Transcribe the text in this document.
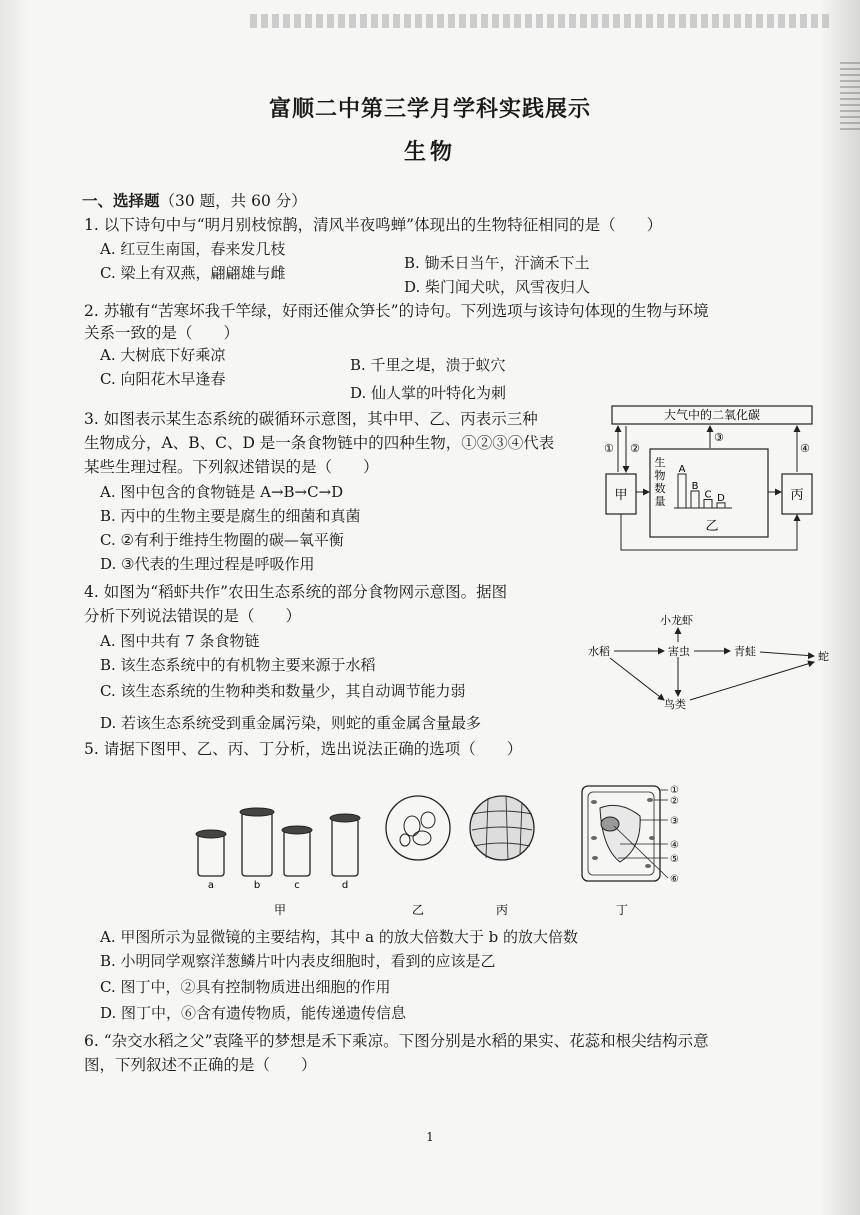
富顺二中第三学月学科实践展示
生物
一、选择题（30 题，共 60 分）
1. 以下诗句中与“明月别枝惊鹊，清风半夜鸣蝉”体现出的生物特征相同的是（　　）
A. 红豆生南国，春来发几枝
C. 梁上有双燕，翩翩雄与雌
B. 锄禾日当午，汗滴禾下土
D. 柴门闻犬吠，风雪夜归人
2. 苏辙有“苦寒坏我千竿绿，好雨还催众笋长”的诗句。下列选项与该诗句体现的生物与环境
关系一致的是（　　）
A. 大树底下好乘凉
C. 向阳花木早逢春
B. 千里之堤，溃于蚁穴
D. 仙人掌的叶特化为刺
3. 如图表示某生态系统的碳循环示意图，其中甲、乙、丙表示三种
生物成分，A、B、C、D 是一条食物链中的四种生物，①②③④代表
某些生理过程。下列叙述错误的是（　　）
A. 图中包含的食物链是 A→B→C→D
B. 丙中的生物主要是腐生的细菌和真菌
C. ②有利于维持生物圈的碳—氧平衡
D. ③代表的生理过程是呼吸作用
大气中的二氧化碳
甲	丙
生
物
数
量
A
B
C D
乙
① ②
③
④
4. 如图为“稻虾共作”农田生态系统的部分食物网示意图。据图
分析下列说法错误的是（　　）
A. 图中共有 7 条食物链
B. 该生态系统中的有机物主要来源于水稻
C. 该生态系统的生物种类和数量少，其自动调节能力弱
D. 若该生态系统受到重金属污染，则蛇的重金属含量最多
小龙虾
水稻	害虫	青蛙	蛇
鸟类
5. 请据下图甲、乙、丙、丁分析，选出说法正确的选项（　　）
a	b	c	d
①
②
③
④
⑤
⑥
甲	乙	丙	丁
A. 甲图所示为显微镜的主要结构，其中 a 的放大倍数大于 b 的放大倍数
B. 小明同学观察洋葱鳞片叶内表皮细胞时，看到的应该是乙
C. 图丁中，②具有控制物质进出细胞的作用
D. 图丁中，⑥含有遗传物质，能传递遗传信息
6. “杂交水稻之父”袁隆平的梦想是禾下乘凉。下图分别是水稻的果实、花蕊和根尖结构示意
图，下列叙述不正确的是（　　）
1
